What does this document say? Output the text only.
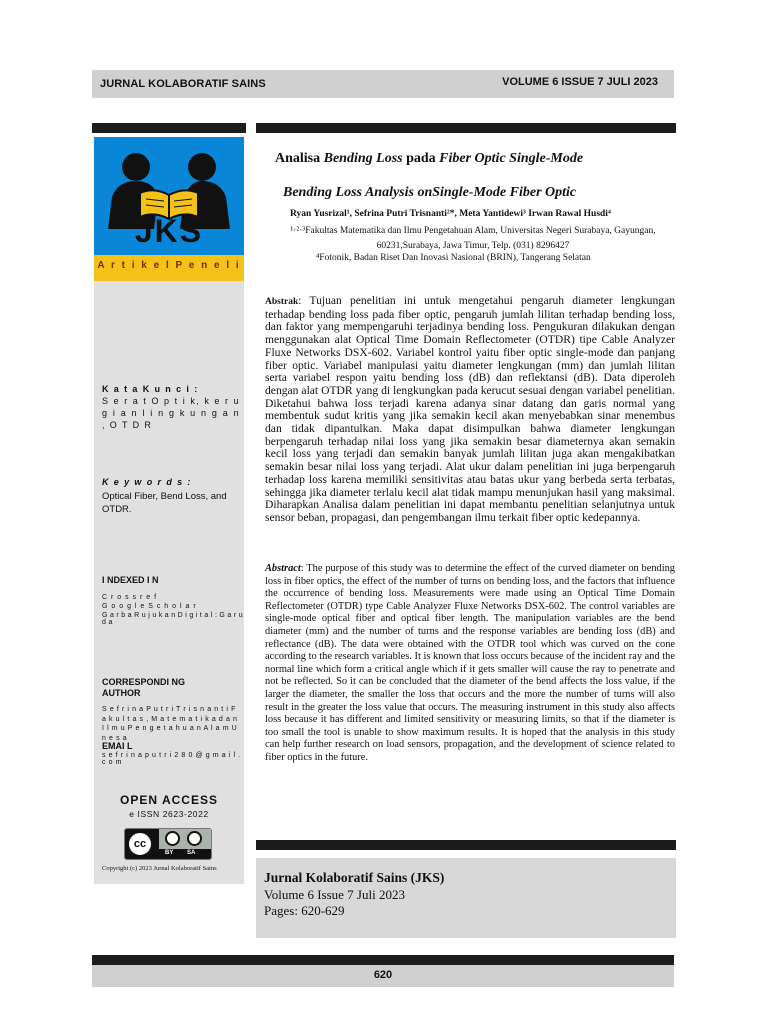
JURNAL KOLABORATIF SAINS	VOLUME 6 ISSUE 7 JULI 2023
JKS
A r t i k e l P e n e l i
K a t a K u n c i :
S e r a t O p t i k, k e r u g i a n l i n g k u n g a n , O T D R
K e y w o r d s :
Optical Fiber, Bend Loss, and OTDR.
I NDEXED I N
C r o s s r e f
G o o g l e S c h o l a r
G a r b a R u j u k a n D i g i t a l : G a r u d a
CORRESPONDI NG AUTHOR
S e f r i n a P u t r i T r i s n a n t i F a k u l t a s , M a t e m a t i k a d a n I l m u P e n g e t a h u a n A l a m U n e s a
EMAI L
s e f r i n a p u t r i 2 8 0 @ g m a i l . c o m
OPEN ACCESS
e ISSN 2623-2022
cc
BY SA
Copyright (c) 2023 Jurnal Kolaboratif Sains
Analisa Bending Loss pada Fiber Optic Single-Mode
Bending Loss Analysis onSingle-Mode Fiber Optic
Ryan Yusrizal¹, Sefrina Putri Trisnanti²*, Meta Yantidewi³ Irwan Rawal Husdi⁴
¹·²·³Fakultas Matematika dan Ilmu Pengetahuan Alam, Universitas Negeri Surabaya, Gayungan, 60231,Surabaya, Jawa Timur, Telp. (031) 8296427
⁴Fotonik, Badan Riset Dan Inovasi Nasional (BRIN), Tangerang Selatan
Abstrak: Tujuan penelitian ini untuk mengetahui pengaruh diameter lengkungan terhadap bending loss pada fiber optic, pengaruh jumlah lilitan terhadap bending loss, dan faktor yang mempengaruhi terjadinya bending loss. Pengukuran dilakukan dengan menggunakan alat Optical Time Domain Reflectometer (OTDR) tipe Cable Analyzer Fluxe Networks DSX-602. Variabel kontrol yaitu fiber optic single-mode dan panjang fiber optic. Variabel manipulasi yaitu diameter lengkungan (mm) dan jumlah lilitan serta variabel respon yaitu bending loss (dB) dan reflektansi (dB). Data diperoleh dengan alat OTDR yang di lengkungkan pada kerucut sesuai dengan variabel penelitian. Diketahui bahwa loss terjadi karena adanya sinar datang dan garis normal yang membentuk sudut kritis yang jika semakin kecil akan menyebabkan sinar menembus dan tidak dipantulkan. Maka dapat disimpulkan bahwa diameter lengkungan berpengaruh terhadap nilai loss yang jika semakin besar diameternya akan semakin kecil loss yang terjadi dan semakin banyak jumlah lilitan juga akan mengakibatkan semakin besar nilai loss yang terjadi. Alat ukur dalam penelitian ini juga berpengaruh terhadap loss karena memiliki sensitivitas atau batas ukur yang berbeda serta terbatas, sehingga jika diameter terlalu kecil alat tidak mampu menunjukan hasil yang maksimal. Diharapkan Analisa dalam penelitian ini dapat membantu penelitian selanjutnya untuk sensor beban, propagasi, dan pengembangan ilmu terkait fiber optic kedepannya.
Abstract: The purpose of this study was to determine the effect of the curved diameter on bending loss in fiber optics, the effect of the number of turns on bending loss, and the factors that influence the occurrence of bending loss. Measurements were made using an Optical Time Domain Reflectometer (OTDR) type Cable Analyzer Fluxe Networks DSX-602. The control variables are single-mode optical fiber and optical fiber length. The manipulation variables are the bend diameter (mm) and the number of turns and the response variables are bending loss (dB) and reflectance (dB). The data were obtained with the OTDR tool which was curved on the cone according to the research variables. It is known that loss occurs because of the incident ray and the normal line which form a critical angle which if it gets smaller will cause the ray to penetrate and not be reflected. So it can be concluded that the diameter of the bend affects the loss value, if the larger the diameter, the smaller the loss that occurs and the more the number of turns will also result in the greater the loss value that occurs. The measuring instrument in this study also affects loss because it has different and limited sensitivity or measuring limits, so that if the diameter is too small the tool is unable to show maximum results. It is hoped that the analysis in this study can help further research on load sensors, propagation, and the development of science related to fiber optics in the future.
Jurnal Kolaboratif Sains (JKS)
Volume 6 Issue 7 Juli 2023
Pages: 620-629
620
